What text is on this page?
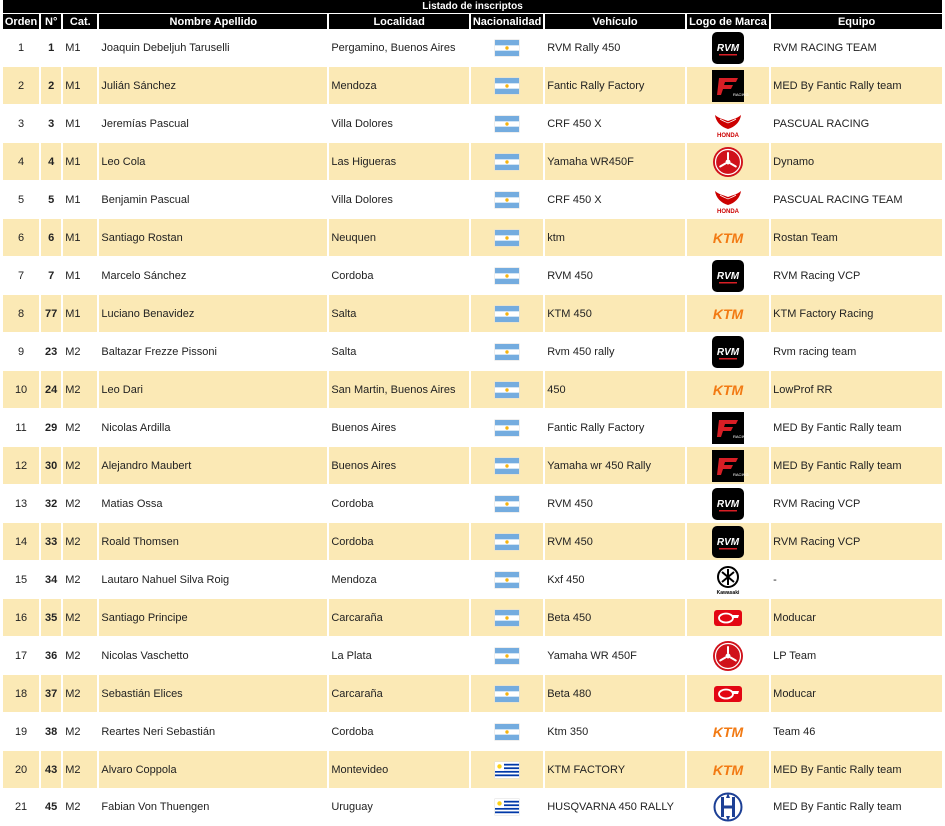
Listado de inscriptos								
Orden	N°	Cat.	Nombre Apellido	Localidad	Nacionalidad	Vehículo	Logo de Marca	Equipo
1	1	M1	Joaquin Debeljuh Taruselli	Pergamino, Buenos Aires		RVM Rally 450	RVM	RVM RACING TEAM
2	2	M1	Julián Sánchez	Mendoza		Fantic Rally Factory	RACING	MED By Fantic Rally team
3	3	M1	Jeremías Pascual	Villa Dolores		CRF 450 X	HONDA	PASCUAL RACING
4	4	M1	Leo Cola	Las Higueras		Yamaha WR450F		Dynamo
5	5	M1	Benjamin Pascual	Villa Dolores		CRF 450 X	HONDA	PASCUAL RACING TEAM
6	6	M1	Santiago Rostan	Neuquen		ktm	KTM	Rostan Team
7	7	M1	Marcelo Sánchez	Cordoba		RVM 450	RVM	RVM Racing VCP
8	77	M1	Luciano Benavidez	Salta		KTM 450	KTM	KTM Factory Racing
9	23	M2	Baltazar Frezze Pissoni	Salta		Rvm 450 rally	RVM	Rvm racing team
10	24	M2	Leo Dari	San Martin, Buenos Aires		450	KTM	LowProf RR
11	29	M2	Nicolas Ardilla	Buenos Aires		Fantic Rally Factory	RACING	MED By Fantic Rally team
12	30	M2	Alejandro Maubert	Buenos Aires		Yamaha wr 450 Rally	RACING	MED By Fantic Rally team
13	32	M2	Matias Ossa	Cordoba		RVM 450	RVM	RVM Racing VCP
14	33	M2	Roald Thomsen	Cordoba		RVM 450	RVM	RVM Racing VCP
15	34	M2	Lautaro Nahuel Silva Roig	Mendoza		Kxf 450	Kawasaki	-
16	35	M2	Santiago Principe	Carcaraña		Beta 450		Moducar
17	36	M2	Nicolas Vaschetto	La Plata		Yamaha WR 450F		LP Team
18	37	M2	Sebastián Elices	Carcaraña		Beta 480		Moducar
19	38	M2	Reartes Neri Sebastián	Cordoba		Ktm 350	KTM	Team 46
20	43	M2	Alvaro Coppola	Montevideo		KTM FACTORY	KTM	MED By Fantic Rally team
21	45	M2	Fabian Von Thuengen	Uruguay		HUSQVARNA 450 RALLY		MED By Fantic Rally team
